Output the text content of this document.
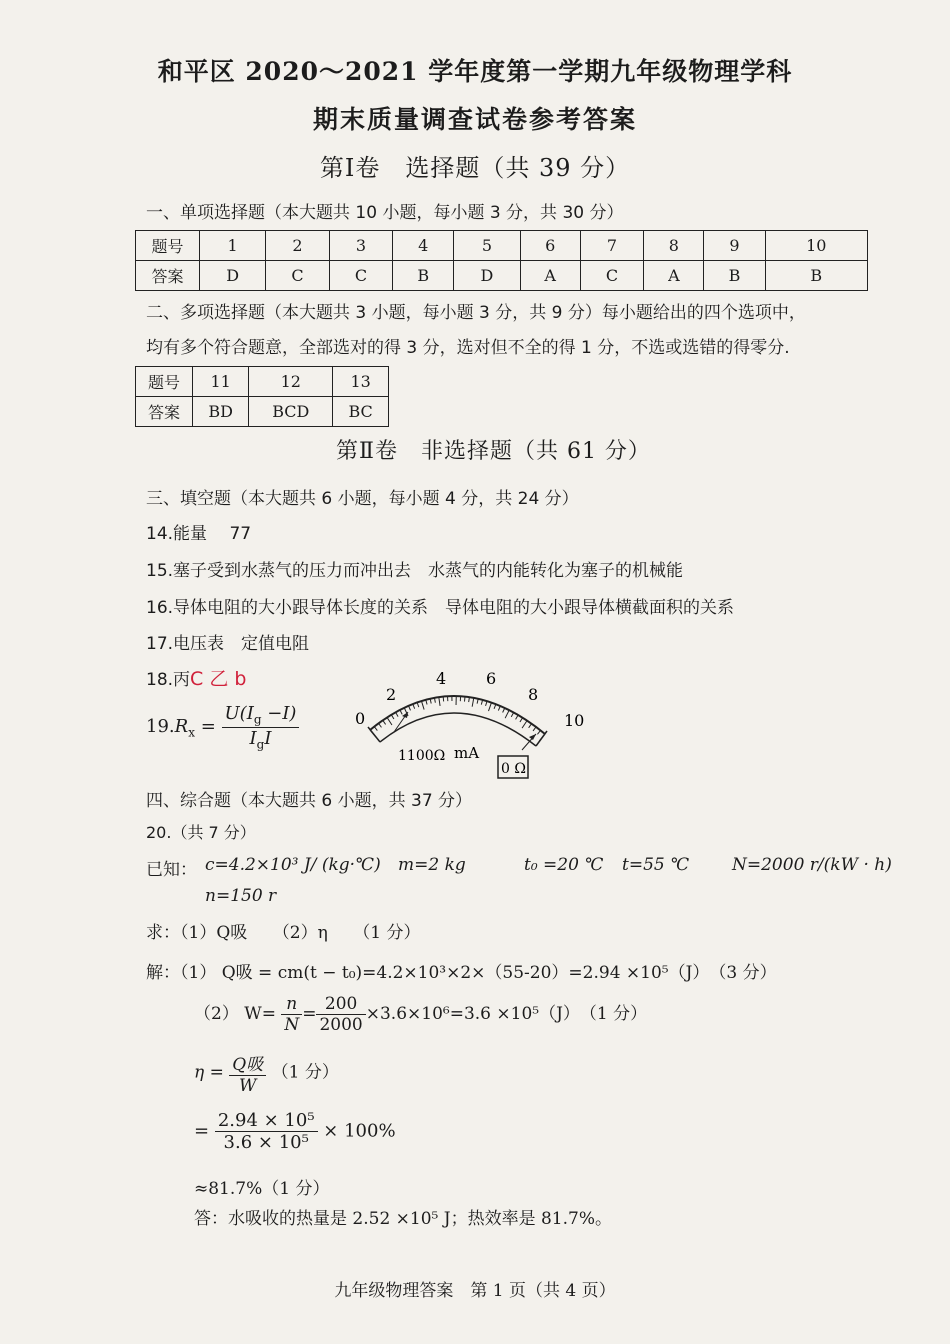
和平区 2020～2021 学年度第一学期九年级物理学科
期末质量调查试卷参考答案
第Ⅰ卷　选择题（共 39 分）
一、单项选择题（本大题共 10 小题，每小题 3 分，共 30 分）
题号	1	2	3	4	5	6	7	8	9	10
答案	D	C	C	B	D	A	C	A	B	B
二、多项选择题（本大题共 3 小题，每小题 3 分，共 9 分）每小题给出的四个选项中，
均有多个符合题意，全部选对的得 3 分，选对但不全的得 1 分，不选或选错的得零分.
题号	11	12	13
答案	BD	BCD	BC
第Ⅱ卷　非选择题（共 61 分）
三、填空题（本大题共 6 小题，每小题 4 分，共 24 分）
14.能量　 77
15.塞子受到水蒸气的压力而冲出去　水蒸气的内能转化为塞子的机械能
16.导体电阻的大小跟导体长度的关系　导体电阻的大小跟导体横截面积的关系
17.电压表　定值电阻
18.丙C 乙 b
$19.R_x = \frac{U(I_g -I)}{I_gI}$	0
2
4 6
8
10
1100Ω mA
0 Ω
四、综合题（本大题共 6 小题，共 37 分）
20.（共 7 分）
已知： c=4.2×10³ J/ (kg·℃) m=2 kg	t₀ =20 ℃ t=55 ℃	N=2000 r/(kW · h)
n=150 r
求：（1）Q吸　　（2）η　　（1 分）
解：（1） Q吸 = cm(t − t₀)=4.2×10³×2×（55-20）=2.94 ×10⁵（J）　（3 分）
（2） $W= \frac{n}{N} = \frac{200}{2000} \times 3.6\times 10^6=3.6 \times 10^5(J)$　（1 分）
$\eta = \frac{\text{Q吸}}{W} (1$ 分）
= $\frac{\text{2.94 × 10⁵}}{\text{3.6 × 10⁵}} \times 100\%$
≈81.7%（1 分）
答：水吸收的热量是 2.52 ×10⁵ J；热效率是 81.7%。
九年级物理答案　第 1 页（共 4 页）
